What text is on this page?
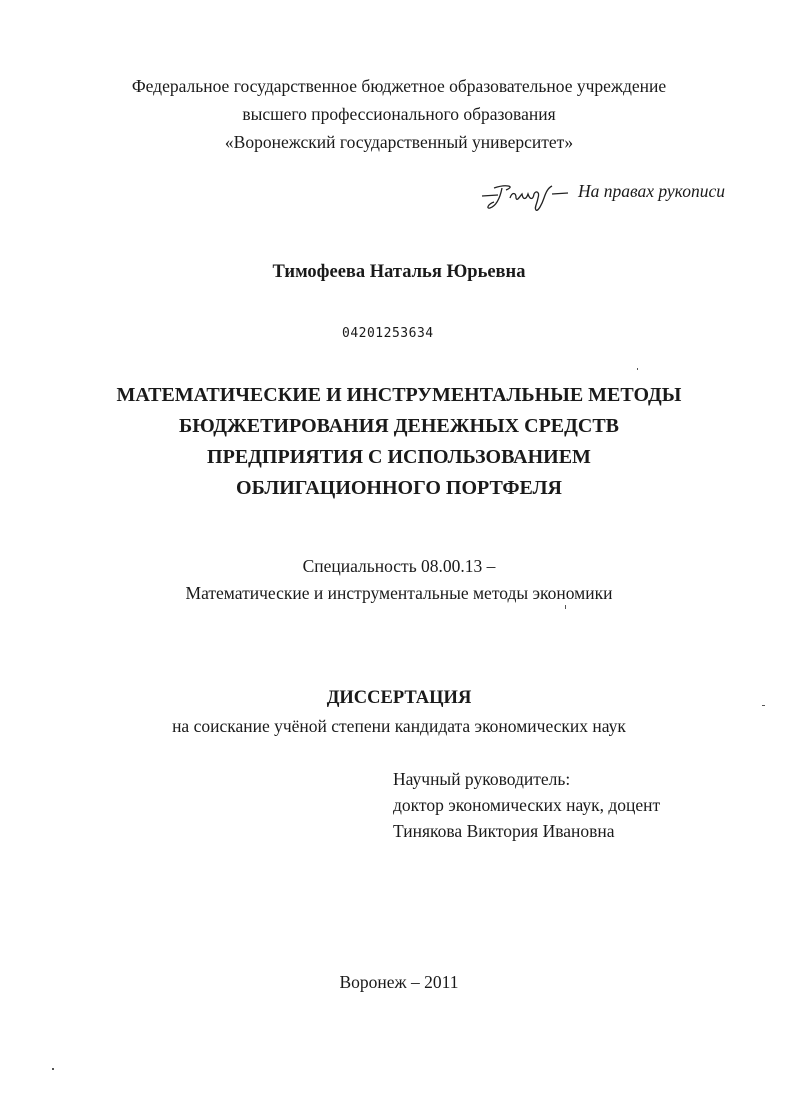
Федеральное государственное бюджетное образовательное учреждение
высшего профессионального образования
«Воронежский государственный университет»
На правах рукописи
Тимофеева Наталья Юрьевна
04201253634
МАТЕМАТИЧЕСКИЕ И ИНСТРУМЕНТАЛЬНЫЕ МЕТОДЫ
БЮДЖЕТИРОВАНИЯ ДЕНЕЖНЫХ СРЕДСТВ
ПРЕДПРИЯТИЯ С ИСПОЛЬЗОВАНИЕМ
ОБЛИГАЦИОННОГО ПОРТФЕЛЯ
Специальность 08.00.13 –
Математические и инструментальные методы экономики
ДИССЕРТАЦИЯ
на соискание учёной степени кандидата экономических наук
Научный руководитель:
доктор экономических наук, доцент
Тинякова Виктория Ивановна
Воронеж – 2011
